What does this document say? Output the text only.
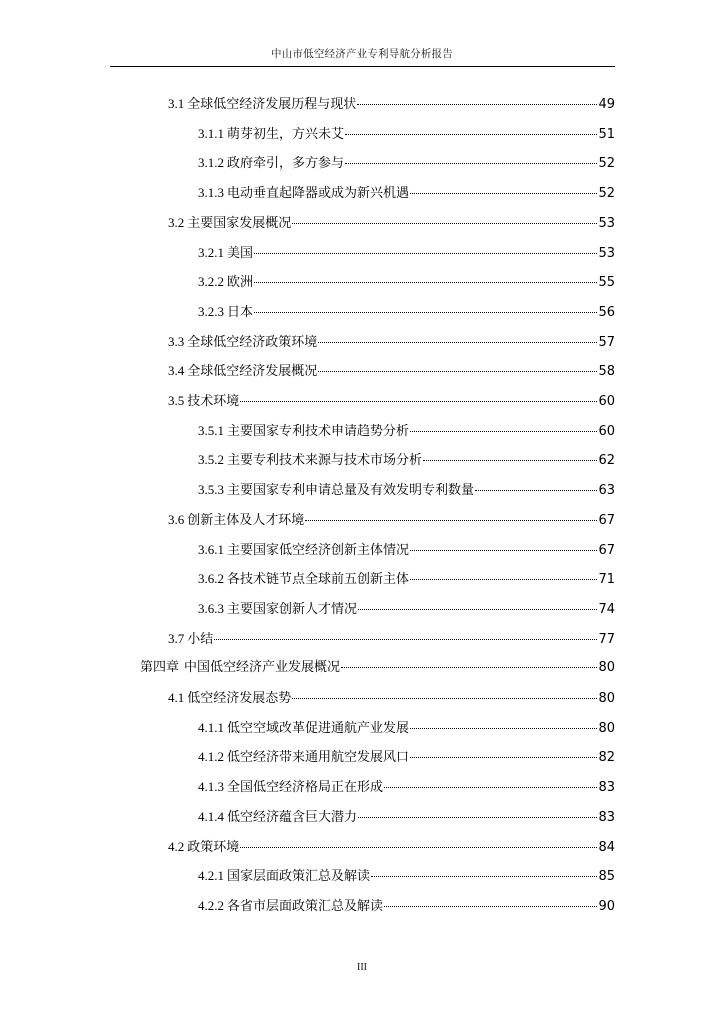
中山市低空经济产业专利导航分析报告
3.1 全球低空经济发展历程与现状	49
3.1.1 萌芽初生，方兴未艾	51
3.1.2 政府牵引，多方参与	52
3.1.3 电动垂直起降器或成为新兴机遇	52
3.2 主要国家发展概况	53
3.2.1 美国	53
3.2.2 欧洲	55
3.2.3 日本	56
3.3 全球低空经济政策环境	57
3.4 全球低空经济发展概况	58
3.5 技术环境	60
3.5.1 主要国家专利技术申请趋势分析	60
3.5.2 主要专利技术来源与技术市场分析	62
3.5.3 主要国家专利申请总量及有效发明专利数量	63
3.6 创新主体及人才环境	67
3.6.1 主要国家低空经济创新主体情况	67
3.6.2 各技术链节点全球前五创新主体	71
3.6.3 主要国家创新人才情况	74
3.7 小结	77
第四章 中国低空经济产业发展概况	80
4.1 低空经济发展态势	80
4.1.1 低空空域改革促进通航产业发展	80
4.1.2 低空经济带来通用航空发展风口	82
4.1.3 全国低空经济格局正在形成	83
4.1.4 低空经济蕴含巨大潜力	83
4.2 政策环境	84
4.2.1 国家层面政策汇总及解读	85
4.2.2 各省市层面政策汇总及解读	90
III
